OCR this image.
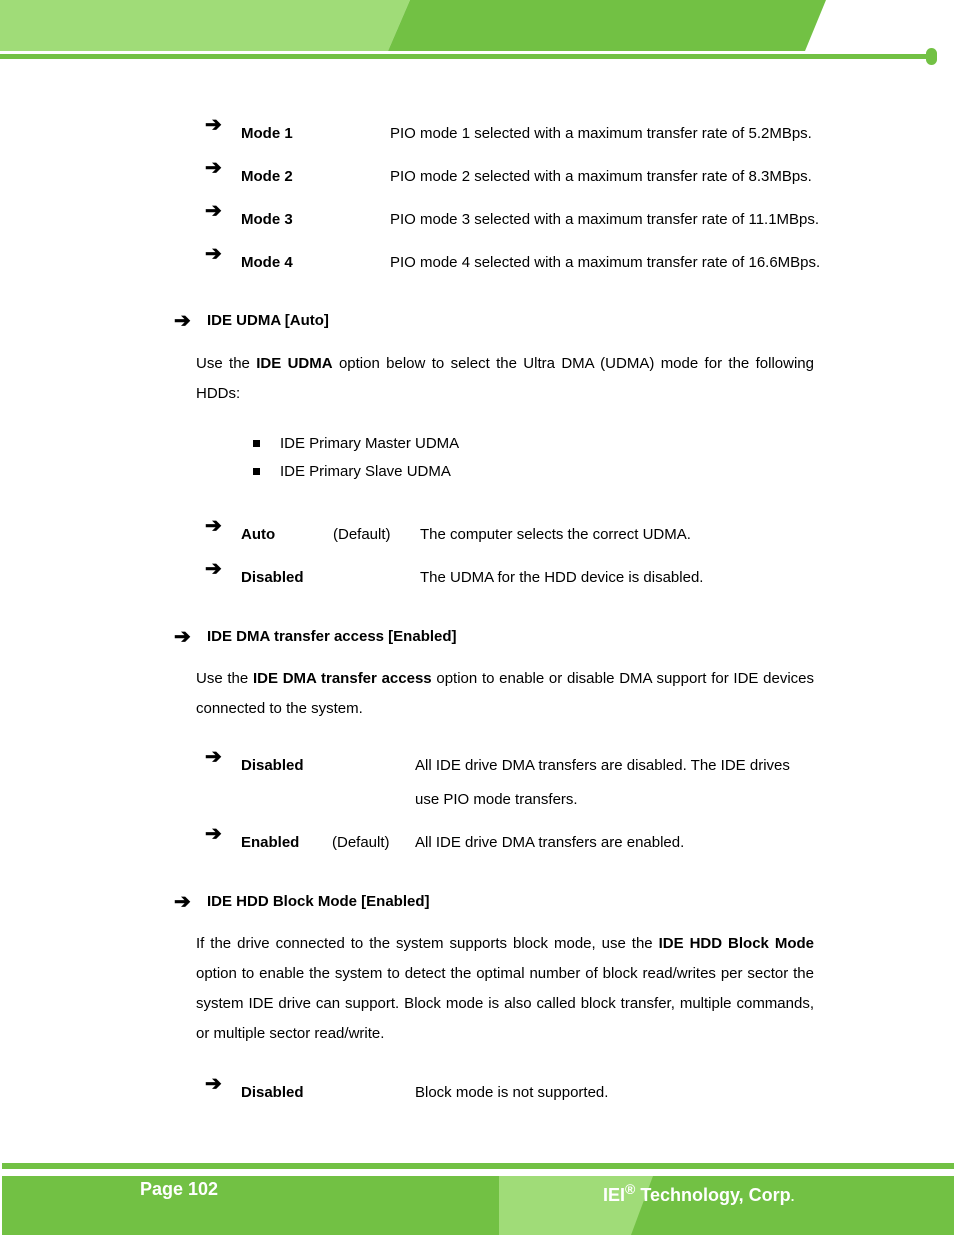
➔ Mode 1	PIO mode 1 selected with a maximum transfer rate of 5.2MBps.
➔ Mode 2	PIO mode 2 selected with a maximum transfer rate of 8.3MBps.
➔ Mode 3	PIO mode 3 selected with a maximum transfer rate of 11.1MBps.
➔ Mode 4	PIO mode 4 selected with a maximum transfer rate of 16.6MBps.
➔ IDE UDMA [Auto]
Use the IDE UDMA option below to select the Ultra DMA (UDMA) mode for the following HDDs:
IDE Primary Master UDMA
IDE Primary Slave UDMA
➔ Auto	(Default) The computer selects the correct UDMA.
➔ Disabled	The UDMA for the HDD device is disabled.
➔ IDE DMA transfer access [Enabled]
Use the IDE DMA transfer access option to enable or disable DMA support for IDE devices connected to the system.
➔ Disabled	All IDE drive DMA transfers are disabled. The IDE drives
use PIO mode transfers.
➔ Enabled (Default) All IDE drive DMA transfers are enabled.
➔ IDE HDD Block Mode [Enabled]
If the drive connected to the system supports block mode, use the IDE HDD Block Mode option to enable the system to detect the optimal number of block read/writes per sector the system IDE drive can support. Block mode is also called block transfer, multiple commands, or multiple sector read/write.
➔ Disabled	Block mode is not supported.
Page 102	IEI® Technology, Corp.
